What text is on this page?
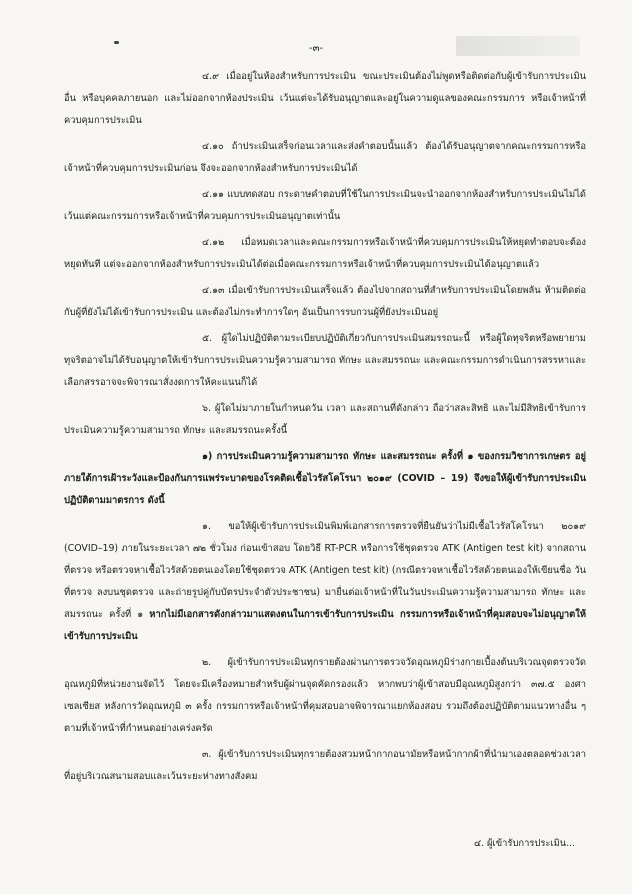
-๓-

๔.๙ เมื่ออยู่ในห้องสำหรับการประเมิน ขณะประเมินต้องไม่พูดหรือติดต่อกับผู้เข้ารับการประเมินอื่น หรือบุคคลภายนอก และไม่ออกจากห้องประเมิน เว้นแต่จะได้รับอนุญาตและอยู่ในความดูแลของคณะกรรมการ หรือเจ้าหน้าที่ควบคุมการประเมิน

๔.๑๐ ถ้าประเมินเสร็จก่อนเวลาและส่งคำตอบนั้นแล้ว ต้องได้รับอนุญาตจากคณะกรรมการหรือเจ้าหน้าที่ควบคุมการประเมินก่อน จึงจะออกจากห้องสำหรับการประเมินได้

๔.๑๑ แบบทดสอบ กระดาษคำตอบที่ใช้ในการประเมินจะนำออกจากห้องสำหรับการประเมินไม่ได้ เว้นแต่คณะกรรมการหรือเจ้าหน้าที่ควบคุมการประเมินอนุญาตเท่านั้น

๔.๑๒ เมื่อหมดเวลาและคณะกรรมการหรือเจ้าหน้าที่ควบคุมการประเมินให้หยุดทำตอบจะต้องหยุดทันที แต่จะออกจากห้องสำหรับการประเมินได้ต่อเมื่อคณะกรรมการหรือเจ้าหน้าที่ควบคุมการประเมินได้อนุญาตแล้ว

๔.๑๓ เมื่อเข้ารับการประเมินเสร็จแล้ว ต้องไปจากสถานที่สำหรับการประเมินโดยพลัน ห้ามติดต่อกับผู้ที่ยังไม่ได้เข้ารับการประเมิน และต้องไม่กระทำการใดๆ อันเป็นการรบกวนผู้ที่ยังประเมินอยู่

๕. ผู้ใดไม่ปฏิบัติตามระเบียบปฏิบัติเกี่ยวกับการประเมินสมรรถนะนี้ หรือผู้ใดทุจริตหรือพยายามทุจริตอาจไม่ได้รับอนุญาตให้เข้ารับการประเมินความรู้ความสามารถ ทักษะ และสมรรถนะ และคณะกรรมการดำเนินการสรรหาและเลือกสรรอาจจะพิจารณาสั่งงดการให้คะแนนก็ได้

๖. ผู้ใดไม่มาภายในกำหนดวัน เวลา และสถานที่ดังกล่าว ถือว่าสละสิทธิ และไม่มีสิทธิเข้ารับการประเมินความรู้ความสามารถ ทักษะ และสมรรถนะครั้งนี้

๑) การประเมินความรู้ความสามารถ ทักษะ และสมรรถนะ ครั้งที่ ๑ ของกรมวิชาการเกษตร อยู่ภายใต้การเฝ้าระวังและป้องกันการแพร่ระบาดของโรคติดเชื้อไวรัสโคโรนา ๒๐๑๙ (COVID – 19) จึงขอให้ผู้เข้ารับการประเมินปฏิบัติตามมาตรการ ดังนี้

๑. ขอให้ผู้เข้ารับการประเมินพิมพ์เอกสารการตรวจที่ยืนยันว่าไม่มีเชื้อไวรัสโคโรนา ๒๐๑๙ (COVID–19) ภายในระยะเวลา ๗๒ ชั่วโมง ก่อนเข้าสอบ โดยวิธี RT-PCR หรือการใช้ชุดตรวจ ATK (Antigen test kit) จากสถานที่ตรวจ หรือตรวจหาเชื้อไวรัสด้วยตนเองโดยใช้ชุดตรวจ ATK (Antigen test kit) (กรณีตรวจหาเชื้อไวรัสด้วยตนเองให้เขียนชื่อ วันที่ตรวจ ลงบนชุดตรวจ และถ่ายรูปคู่กับบัตรประจำตัวประชาชน) มายื่นต่อเจ้าหน้าที่ในวันประเมินความรู้ความสามารถ ทักษะ และสมรรถนะ ครั้งที่ ๑ หากไม่มีเอกสารดังกล่าวมาแสดงตนในการเข้ารับการประเมิน กรรมการหรือเจ้าหน้าที่คุมสอบจะไม่อนุญาตให้เข้ารับการประเมิน

๒. ผู้เข้ารับการประเมินทุกรายต้องผ่านการตรวจวัดอุณหภูมิร่างกายเบื้องต้นบริเวณจุดตรวจวัดอุณหภูมิที่หน่วยงานจัดไว้ โดยจะมีเครื่องหมายสำหรับผู้ผ่านจุดคัดกรองแล้ว หากพบว่าผู้เข้าสอบมีอุณหภูมิสูงกว่า ๓๗.๕ องศาเซลเซียส หลังการวัดอุณหภูมิ ๓ ครั้ง กรรมการหรือเจ้าหน้าที่คุมสอบอาจพิจารณาแยกห้องสอบ รวมถึงต้องปฏิบัติตามแนวทางอื่น ๆ ตามที่เจ้าหน้าที่กำหนดอย่างเคร่งครัด

๓. ผู้เข้ารับการประเมินทุกรายต้องสวมหน้ากากอนามัยหรือหน้ากากผ้าที่นำมาเองตลอดช่วงเวลาที่อยู่บริเวณสนามสอบและเว้นระยะห่างทางสังคม

๔. ผู้เข้ารับการประเมิน...
